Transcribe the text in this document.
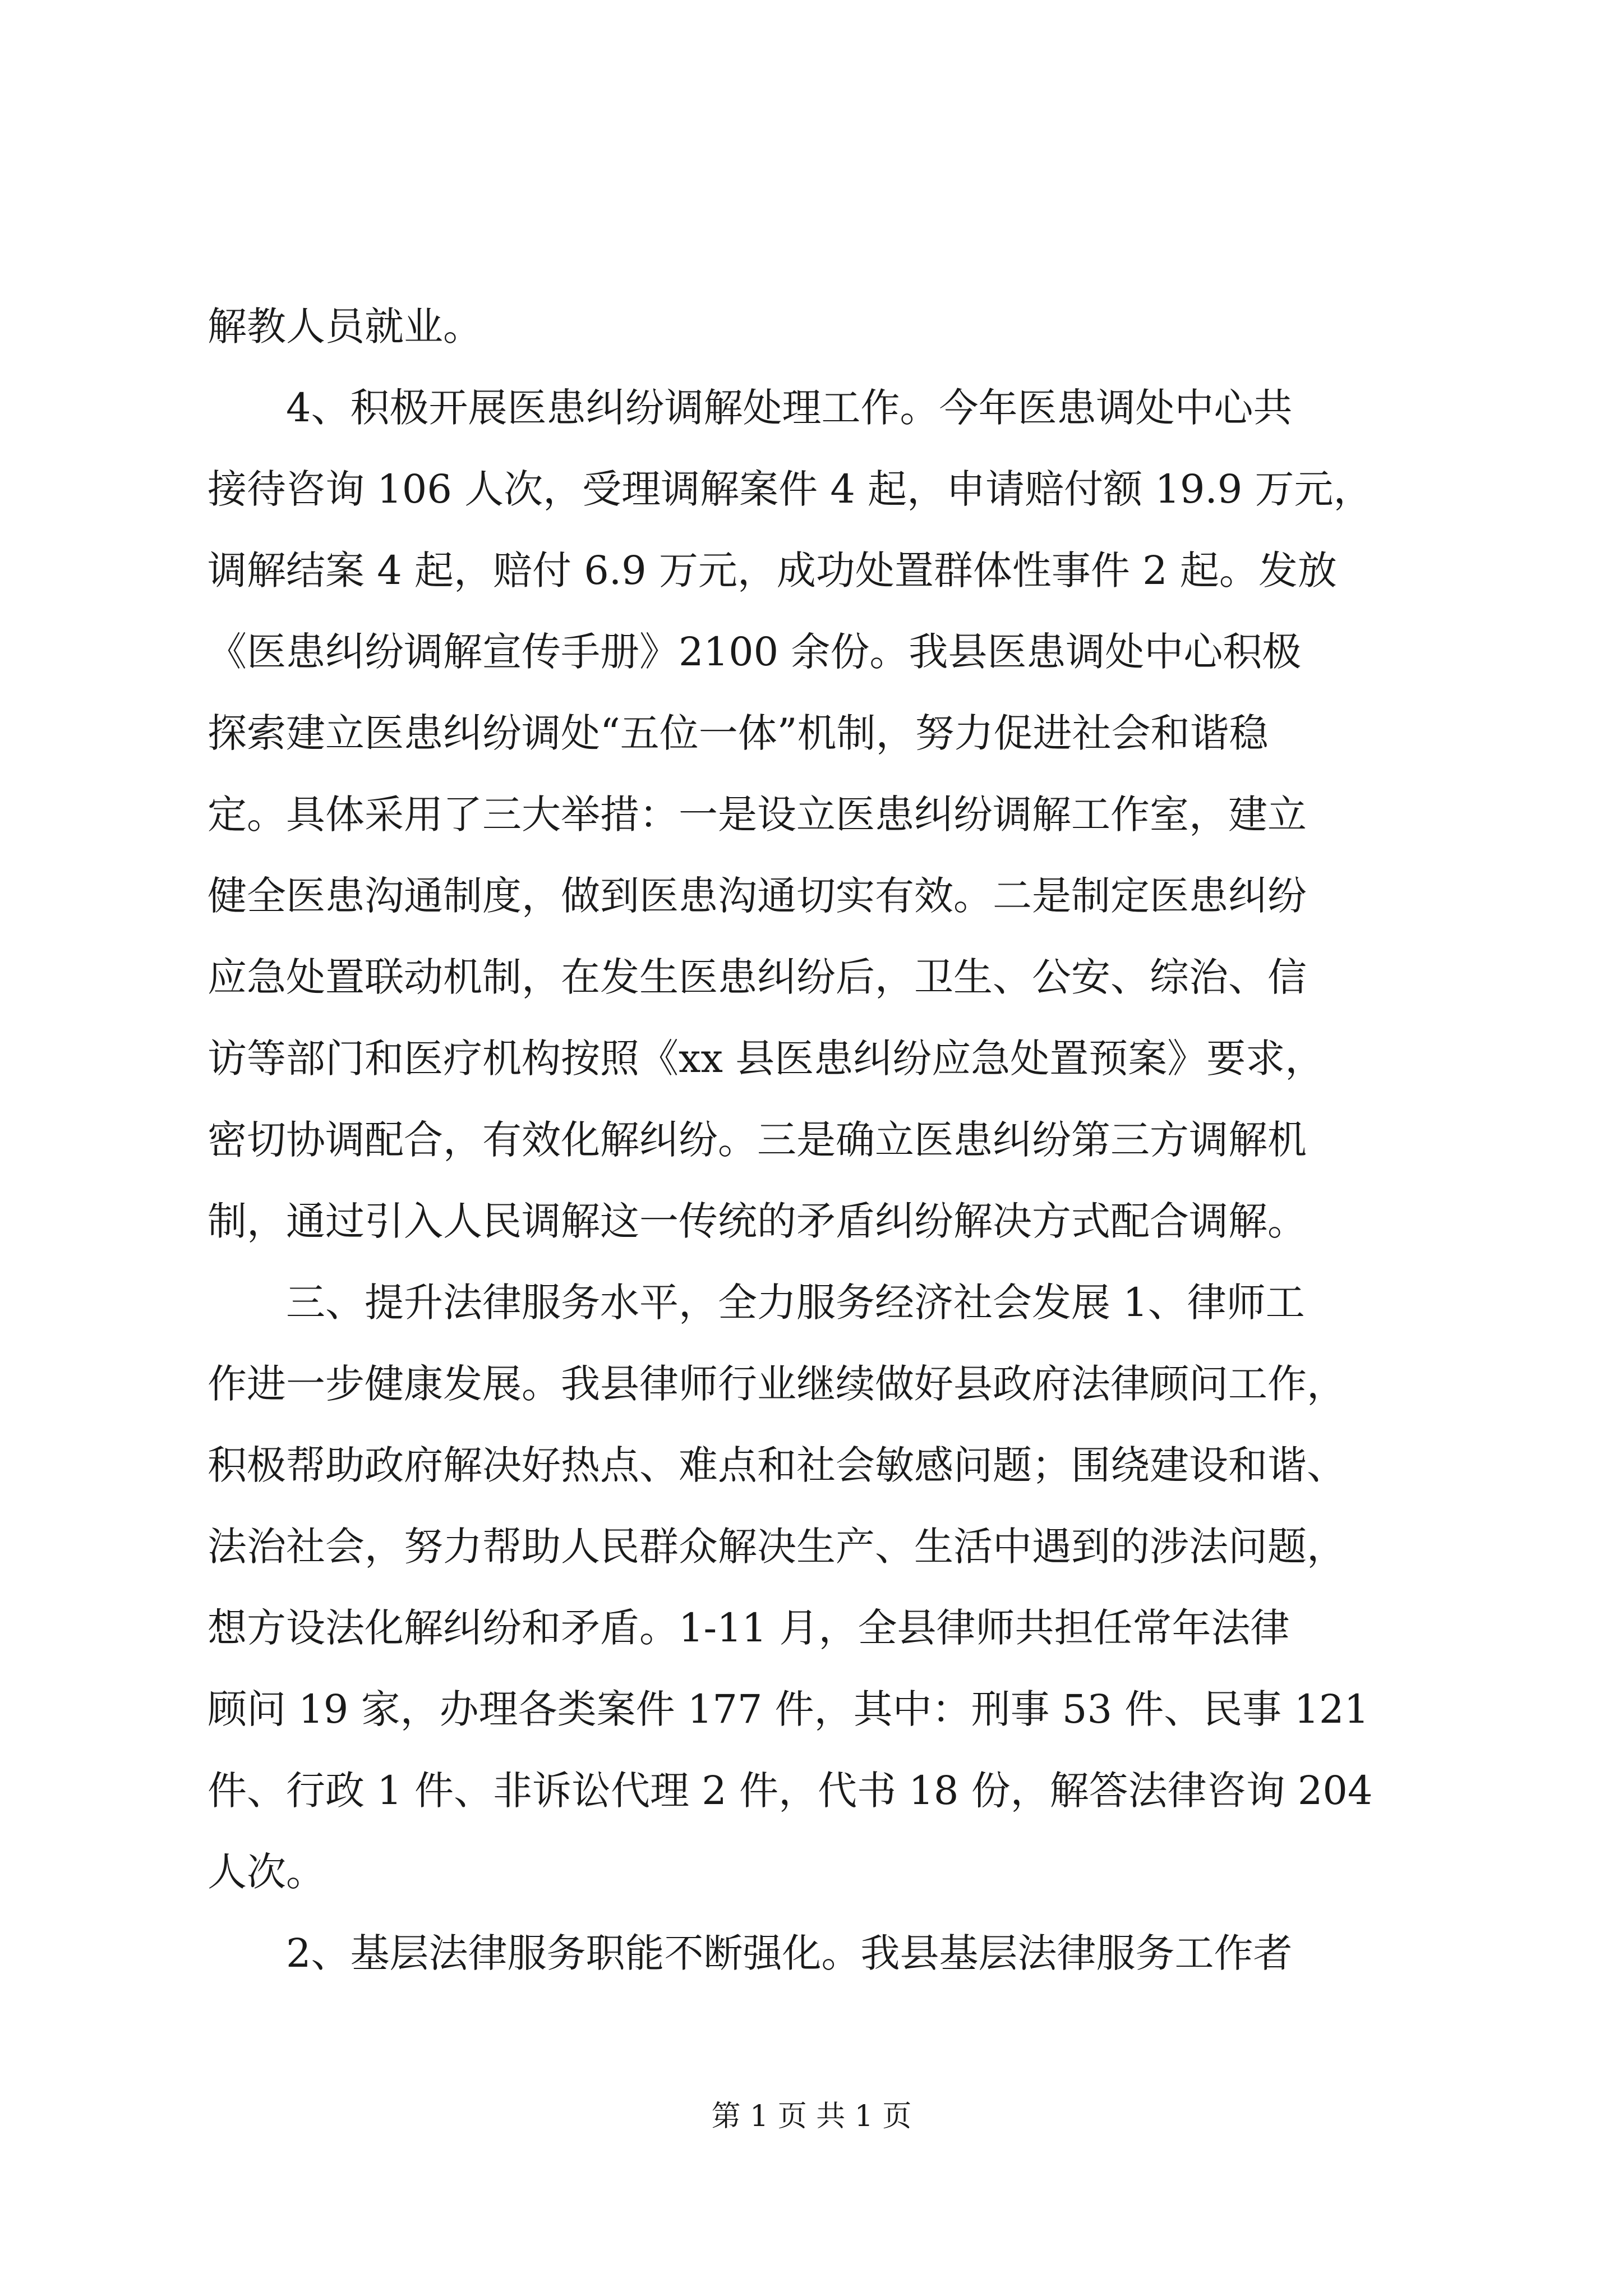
解教人员就业。
4、积极开展医患纠纷调解处理工作。今年医患调处中心共
接待咨询 106 人次，受理调解案件 4 起，申请赔付额 19.9 万元，
调解结案 4 起，赔付 6.9 万元，成功处置群体性事件 2 起。发放
《医患纠纷调解宣传手册》2100 余份。我县医患调处中心积极
探索建立医患纠纷调处“五位一体”机制，努力促进社会和谐稳
定。具体采用了三大举措：一是设立医患纠纷调解工作室，建立
健全医患沟通制度，做到医患沟通切实有效。二是制定医患纠纷
应急处置联动机制，在发生医患纠纷后，卫生、公安、综治、信
访等部门和医疗机构按照《xx 县医患纠纷应急处置预案》要求，
密切协调配合，有效化解纠纷。三是确立医患纠纷第三方调解机
制，通过引入人民调解这一传统的矛盾纠纷解决方式配合调解。
三、提升法律服务水平，全力服务经济社会发展 1、律师工
作进一步健康发展。我县律师行业继续做好县政府法律顾问工作，
积极帮助政府解决好热点、难点和社会敏感问题；围绕建设和谐、
法治社会，努力帮助人民群众解决生产、生活中遇到的涉法问题，
想方设法化解纠纷和矛盾。1-11 月，全县律师共担任常年法律
顾问 19 家，办理各类案件 177 件，其中：刑事 53 件、民事 121
件、行政 1 件、非诉讼代理 2 件，代书 18 份，解答法律咨询 204
人次。
2、基层法律服务职能不断强化。我县基层法律服务工作者
第 1 页 共 1 页
